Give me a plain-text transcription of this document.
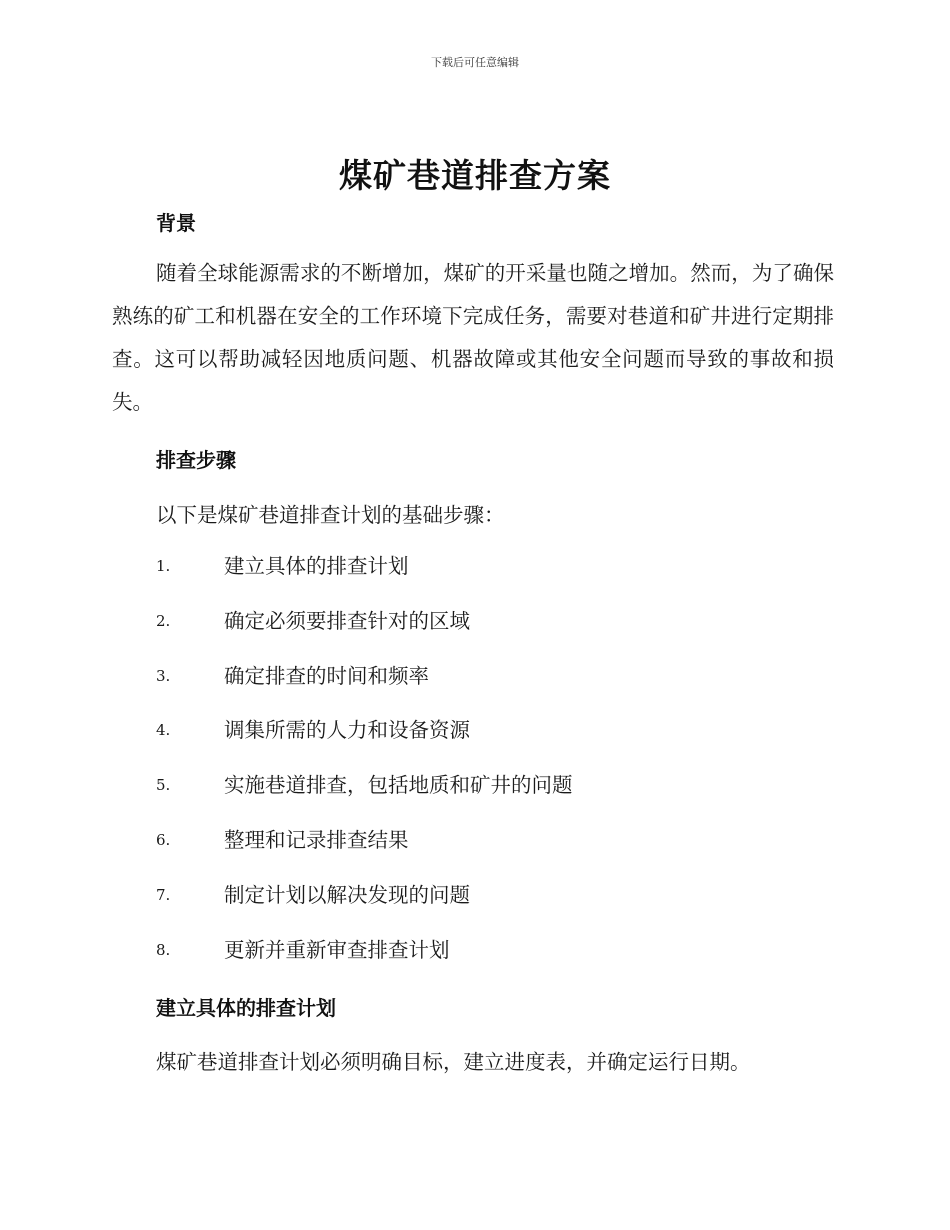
下载后可任意编辑
煤矿巷道排查方案
背景
随着全球能源需求的不断增加，煤矿的开采量也随之增加。然而，为了确保熟练的矿工和机器在安全的工作环境下完成任务，需要对巷道和矿井进行定期排查。这可以帮助减轻因地质问题、机器故障或其他安全问题而导致的事故和损失。
排查步骤
以下是煤矿巷道排查计划的基础步骤：
1.	建立具体的排查计划
2.	确定必须要排查针对的区域
3.	确定排查的时间和频率
4.	调集所需的人力和设备资源
5.	实施巷道排查，包括地质和矿井的问题
6.	整理和记录排查结果
7.	制定计划以解决发现的问题
8.	更新并重新审查排查计划
建立具体的排查计划
煤矿巷道排查计划必须明确目标，建立进度表，并确定运行日期。
